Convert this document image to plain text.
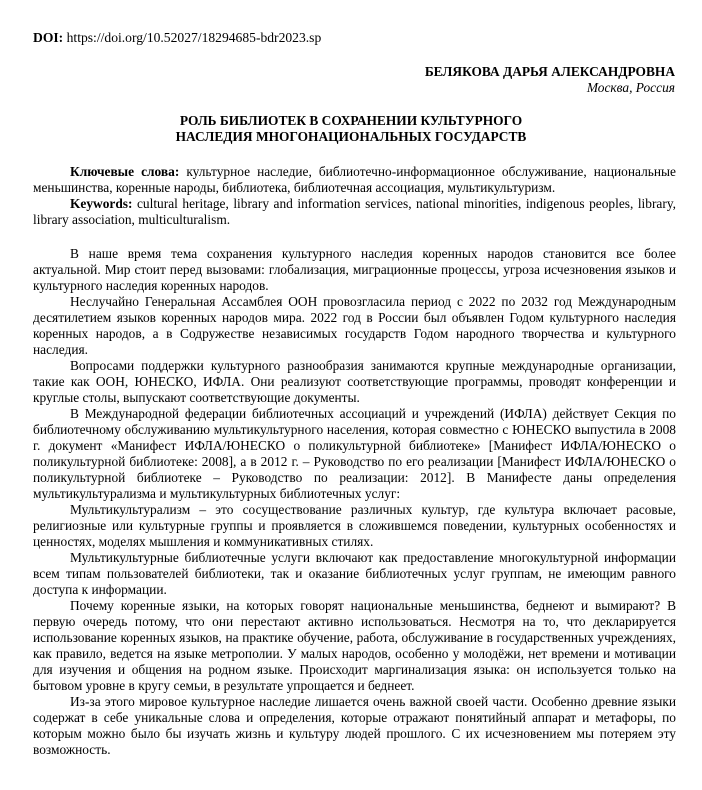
DOI: https://doi.org/10.52027/18294685-bdr2023.sp
БЕЛЯКОВА ДАРЬЯ АЛЕКСАНДРОВНА
Москва, Россия
РОЛЬ БИБЛИОТЕК В СОХРАНЕНИИ КУЛЬТУРНОГО
НАСЛЕДИЯ МНОГОНАЦИОНАЛЬНЫХ ГОСУДАРСТВ

Ключевые слова: культурное наследие, библиотечно-информационное обслуживание, национальные меньшинства, коренные народы, библиотека, библиотечная ассоциация, мультикультуризм.

Keywords: cultural heritage, library and information services, national minorities, indigenous peoples, library, library association, multiculturalism.

В наше время тема сохранения культурного наследия коренных народов становится все более актуальной. Мир стоит перед вызовами: глобализация, миграционные процессы, угроза исчезновения языков и культурного наследия коренных народов.

Неслучайно Генеральная Ассамблея ООН провозгласила период с 2022 по 2032 год Международным десятилетием языков коренных народов мира. 2022 год в России был объявлен Годом культурного наследия коренных народов, а в Содружестве независимых государств Годом народного творчества и культурного наследия.

Вопросами поддержки культурного разнообразия занимаются крупные международные организации, такие как ООН, ЮНЕСКО, ИФЛА. Они реализуют соответствующие программы, проводят конференции и круглые столы, выпускают соответствующие документы.

В Международной федерации библиотечных ассоциаций и учреждений (ИФЛА) действует Секция по библиотечному обслуживанию мультикультурного населения, которая совместно с ЮНЕСКО выпустила в 2008 г. документ «Манифест ИФЛА/ЮНЕСКО о поликультурной библиотеке» [Манифест ИФЛА/ЮНЕСКО о поликультурной библиотеке: 2008], а в 2012 г. – Руководство по его реализации [Манифест ИФЛА/ЮНЕСКО о поликультурной библиотеке – Руководство по реализации: 2012]. В Манифесте даны определения мультикультурализма и мультикультурных библиотечных услуг:

Мультикультурализм – это сосуществование различных культур, где культура включает расовые, религиозные или культурные группы и проявляется в сложившемся поведении, культурных особенностях и ценностях, моделях мышления и коммуникативных стилях.

Мультикультурные библиотечные услуги включают как предоставление многокультурной информации всем типам пользователей библиотеки, так и оказание библиотечных услуг группам, не имеющим равного доступа к информации.

Почему коренные языки, на которых говорят национальные меньшинства, беднеют и вымирают? В первую очередь потому, что они перестают активно использоваться. Несмотря на то, что декларируется использование коренных языков, на практике обучение, работа, обслуживание в государственных учреждениях, как правило, ведется на языке метрополии. У малых народов, особенно у молодёжи, нет времени и мотивации для изучения и общения на родном языке. Происходит маргинализация языка: он используется только на бытовом уровне в кругу семьи, в результате упрощается и беднеет.

Из-за этого мировое культурное наследие лишается очень важной своей части. Особенно древние языки содержат в себе уникальные слова и определения, которые отражают понятийный аппарат и метафоры, по которым можно было бы изучать жизнь и культуру людей прошлого. С их исчезновением мы потеряем эту возможность.
